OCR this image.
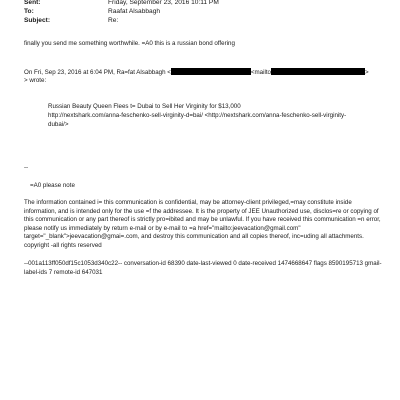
Sent:	Friday, September 23, 2016 10:11 PM
To:	Raafat Alsabbagh
Subject:	Re:
finally you send me something worthwhile. =A0 this is a russian bond offering
On Fri, Sep 23, 2016 at 6:04 PM, Ra=fat Alsabbagh <	<mailto	>
> wrote:
Russian Beauty Queen Flees t= Dubai to Sell Her Virginity for $13,000
http://nextshark.com/anna-feschenko-sell-virginity-d=bai/ <http://nextshark.com/anna-feschenko-sell-virginity-
dubai/>
--
=A0 please note
The information contained i= this communication is confidential, may be attorney-client privileged,=may constitute inside information, and is intended only for the use =f the addressee. It is the property of JEE Unauthorized use, disclos=re or copying of this communication or any part thereof is strictly pro=ibited and may be unlawful. If you have received this communication =n error, please notify us immediately by return e-mail or by e-mail to =a href="mailto:jeevacation@gmail.com" target="_blank">jeevacation@gmai=.com, and destroy this communication and all copies thereof, inc=uding all attachments. copyright -all rights reserved
--001a113ff050df15c1053d340c22-- conversation-id 68390 date-last-viewed 0 date-received 1474668647 flags 8590195713 gmail-label-ids 7 remote-id 647031
